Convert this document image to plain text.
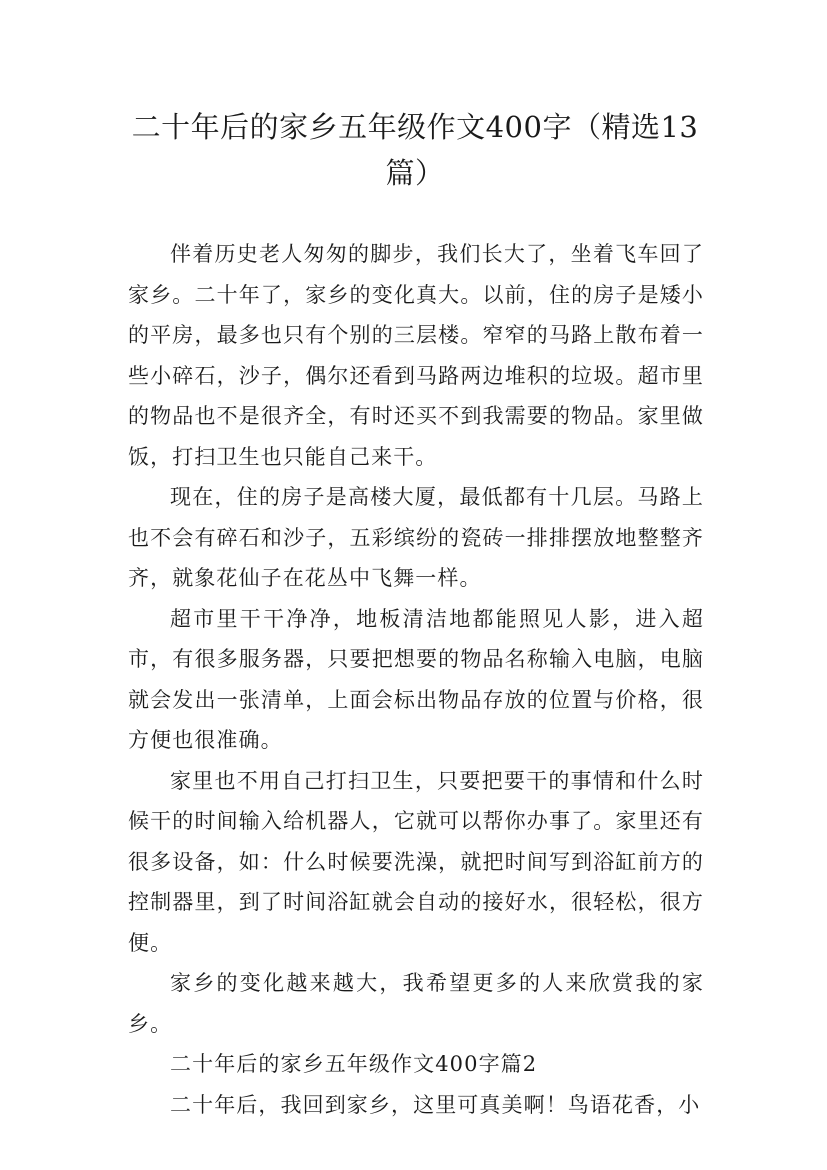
二十年后的家乡五年级作文400字（精选13篇）

伴着历史老人匆匆的脚步，我们长大了，坐着飞车回了家乡。二十年了，家乡的变化真大。以前，住的房子是矮小的平房，最多也只有个别的三层楼。窄窄的马路上散布着一些小碎石，沙子，偶尔还看到马路两边堆积的垃圾。超市里的物品也不是很齐全，有时还买不到我需要的物品。家里做饭，打扫卫生也只能自己来干。

现在，住的房子是高楼大厦，最低都有十几层。马路上也不会有碎石和沙子，五彩缤纷的瓷砖一排排摆放地整整齐齐，就象花仙子在花丛中飞舞一样。

超市里干干净净，地板清洁地都能照见人影，进入超市，有很多服务器，只要把想要的物品名称输入电脑，电脑就会发出一张清单，上面会标出物品存放的位置与价格，很方便也很准确。

家里也不用自己打扫卫生，只要把要干的事情和什么时候干的时间输入给机器人，它就可以帮你办事了。家里还有很多设备，如：什么时候要洗澡，就把时间写到浴缸前方的控制器里，到了时间浴缸就会自动的接好水，很轻松，很方便。

家乡的变化越来越大，我希望更多的人来欣赏我的家乡。

二十年后的家乡五年级作文400字篇2

二十年后，我回到家乡，这里可真美啊！鸟语花香，小
